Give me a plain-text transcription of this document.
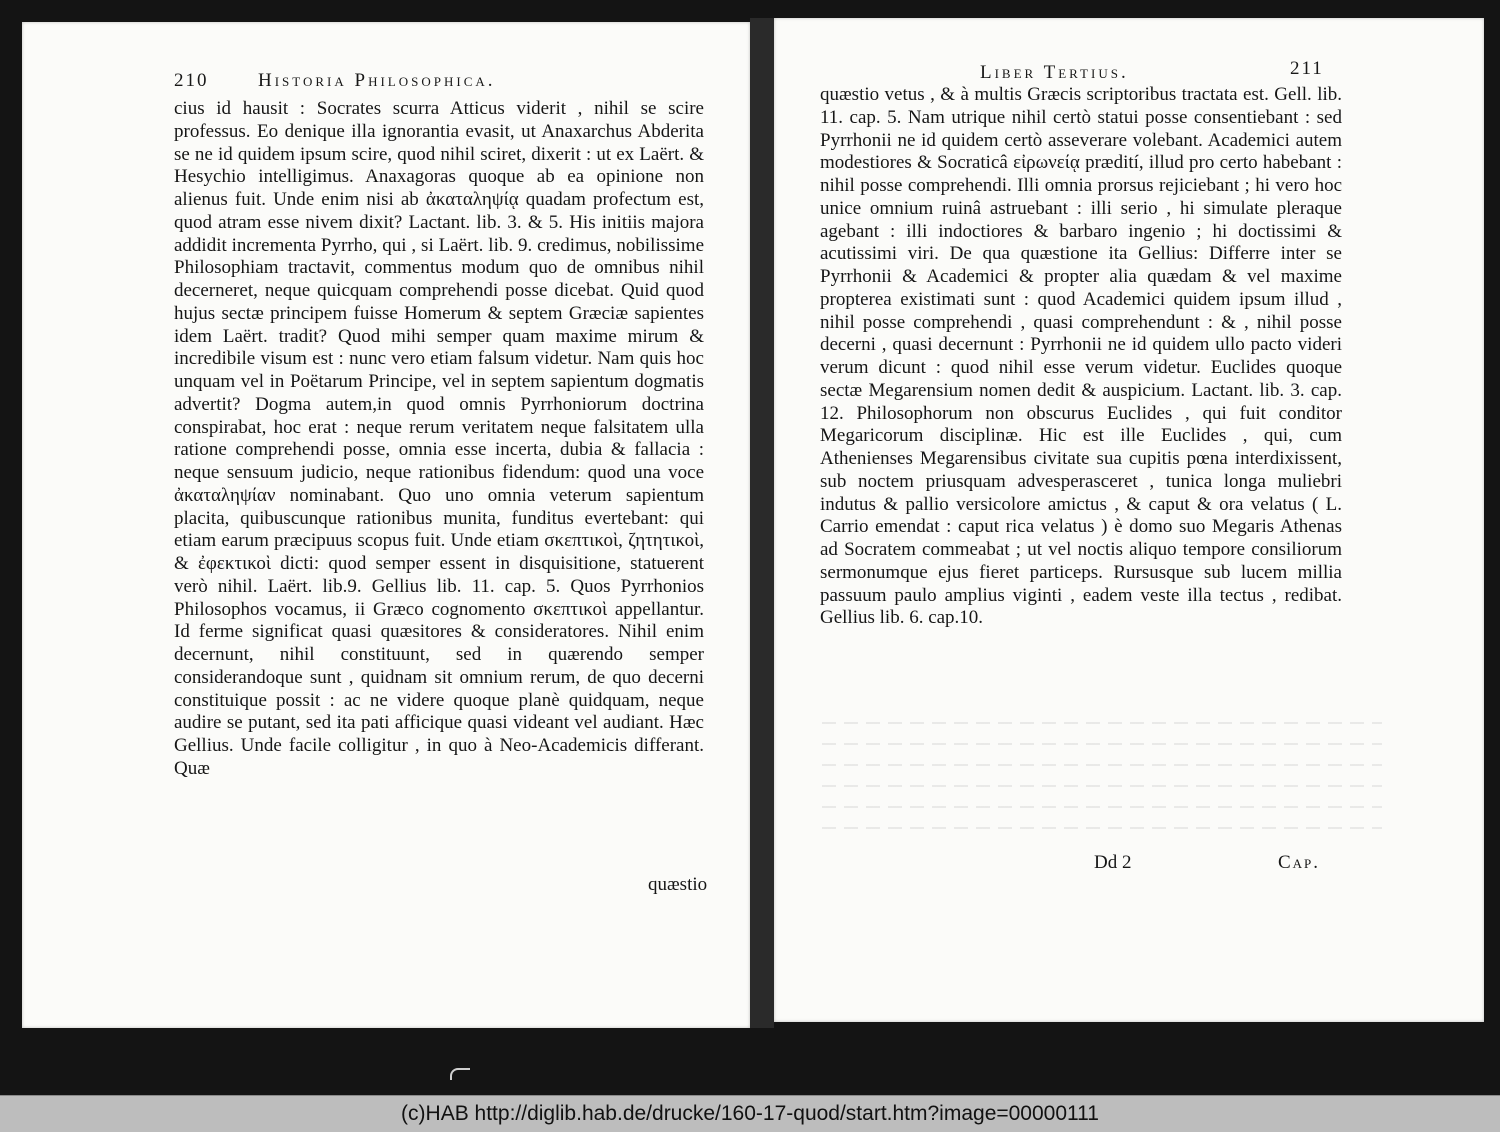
210	Historia Philosophica.

cius id hausit : Socrates scurra Atticus viderit , nihil se scire professus. Eo denique illa ignorantia evasit, ut Anaxarchus Abderita se ne id quidem ipsum scire, quod nihil sciret, dixerit : ut ex Laërt. & Hesychio intelligimus. Anaxagoras quoque ab ea opinione non alienus fuit. Unde enim nisi ab ἀκαταληψίᾳ quadam profectum est, quod atram esse nivem dixit? Lactant. lib. 3. & 5. His initiis majora addidit incrementa Pyrrho, qui , si Laërt. lib. 9. credimus, nobilissime Philosophiam tractavit, commentus modum quo de omnibus nihil decerneret, neque quicquam comprehendi posse dicebat. Quid quod hujus sectæ principem fuisse Homerum & septem Græciæ sapientes idem Laërt. tradit? Quod mihi semper quam maxime mirum & incredibile visum est : nunc vero etiam falsum videtur. Nam quis hoc unquam vel in Poëtarum Principe, vel in septem sapientum dogmatis advertit? Dogma autem,in quod omnis Pyrrhoniorum doctrina conspirabat, hoc erat : neque rerum veritatem neque falsitatem ulla ratione comprehendi posse, omnia esse incerta, dubia & fallacia : neque sensuum judicio, neque rationibus fidendum: quod una voce ἀκαταληψίαν nominabant. Quo uno omnia veterum sapientum placita, quibuscunque rationibus munita, funditus evertebant: qui etiam earum præcipuus scopus fuit. Unde etiam σκεπτικοὶ, ζητητικοὶ, & ἐφεκτικοὶ dicti: quod semper essent in disquisitione, statuerent verò nihil. Laërt. lib.9. Gellius lib. 11. cap. 5. Quos Pyrrhonios Philosophos vocamus, ii Græco cognomento σκεπτικοὶ appellantur. Id ferme significat quasi quæsitores & consideratores. Nihil enim decernunt, nihil constituunt, sed in quærendo semper considerandoque sunt , quidnam sit omnium rerum, de quo decerni constituique possit : ac ne videre quoque planè quidquam, neque audire se putant, sed ita pati afficique quasi videant vel audiant. Hæc Gellius. Unde facile colligitur , in quo à Neo-Academicis differant. Quæ

quæstio
Liber Tertius.	211

quæstio vetus , & à multis Græcis scriptoribus tractata est. Gell. lib. 11. cap. 5. Nam utrique nihil certò statui posse consentiebant : sed Pyrrhonii ne id quidem certò asseverare volebant. Academici autem modestiores & Socraticâ εἰρωνείᾳ prædití, illud pro certo habebant : nihil posse comprehendi. Illi omnia prorsus rejiciebant ; hi vero hoc unice omnium ruinâ astruebant : illi serio , hi simulate pleraque agebant : illi indoctiores & barbaro ingenio ; hi doctissimi & acutissimi viri. De qua quæstione ita Gellius: Differre inter se Pyrrhonii & Academici & propter alia quædam & vel maxime propterea existimati sunt : quod Academici quidem ipsum illud , nihil posse comprehendi , quasi comprehendunt : & , nihil posse decerni , quasi decernunt : Pyrrhonii ne id quidem ullo pacto videri verum dicunt : quod nihil esse verum videtur. Euclides quoque sectæ Megarensium nomen dedit & auspicium. Lactant. lib. 3. cap. 12. Philosophorum non obscurus Euclides , qui fuit conditor Megaricorum disciplinæ. Hic est ille Euclides , qui, cum Athenienses Megarensibus civitate sua cupitis pœna interdixissent, sub noctem priusquam advesperasceret , tunica longa muliebri indutus & pallio versicolore amictus , & caput & ora velatus ( L. Carrio emendat : caput rica velatus ) è domo suo Megaris Athenas ad Socratem commeabat ; ut vel noctis aliquo tempore consiliorum sermonumque ejus fieret particeps. Rursusque sub lucem millia passuum paulo amplius viginti , eadem veste illa tectus , redibat. Gellius lib. 6. cap.10.

Dd 2	Cap.
(c)HAB http://diglib.hab.de/drucke/160-17-quod/start.htm?image=00000111
